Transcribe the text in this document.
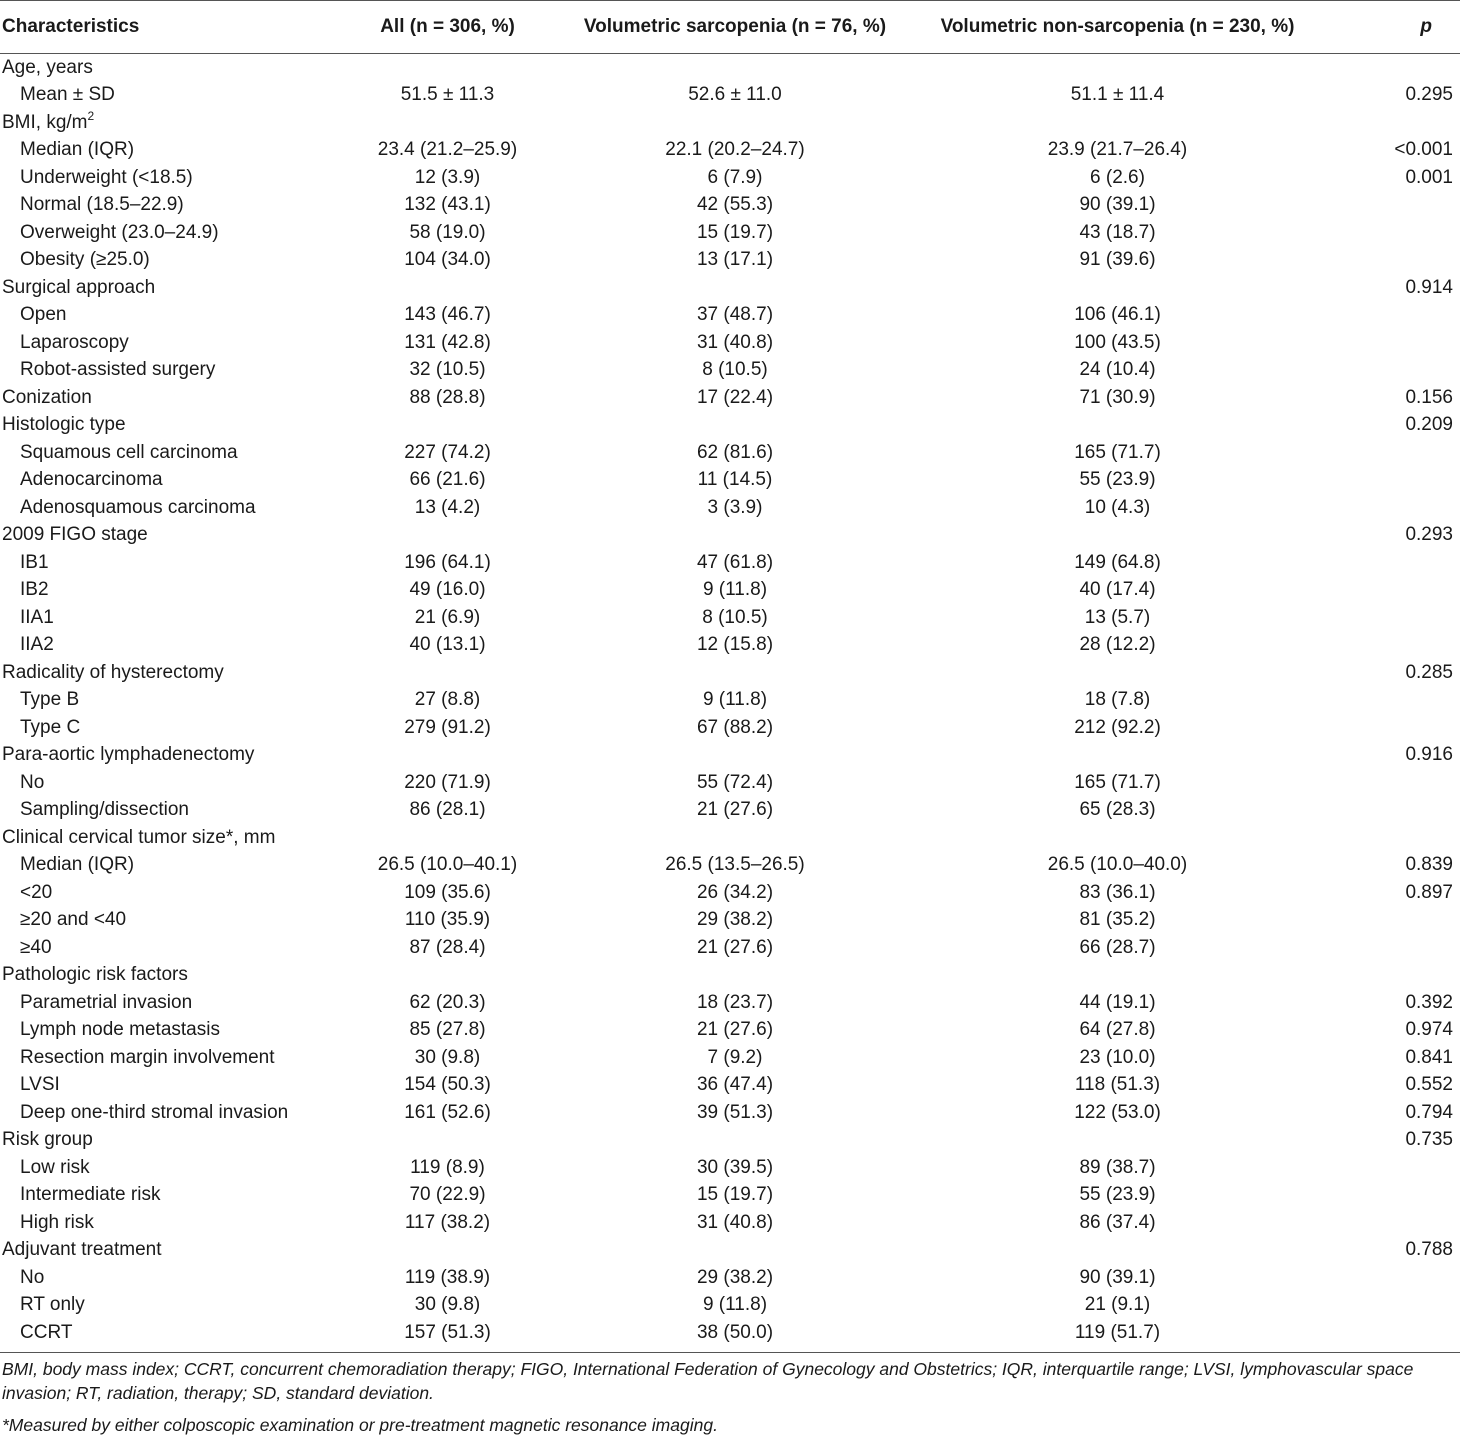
Characteristics	All (n = 306, %)	Volumetric sarcopenia (n = 76, %)	Volumetric non-sarcopenia (n = 230, %)	p
Age, years				
Mean ± SD	51.5 ± 11.3	52.6 ± 11.0	51.1 ± 11.4	0.295
BMI, $kg/m^2$				
Median (IQR)	23.4 (21.2–25.9)	22.1 (20.2–24.7)	23.9 (21.7–26.4)	<0.001
Underweight (<18.5)	12 (3.9)	6 (7.9)	6 (2.6)	0.001
Normal (18.5–22.9)	132 (43.1)	42 (55.3)	90 (39.1)	
Overweight (23.0–24.9)	58 (19.0)	15 (19.7)	43 (18.7)	
Obesity (≥25.0)	104 (34.0)	13 (17.1)	91 (39.6)	
Surgical approach				0.914
Open	143 (46.7)	37 (48.7)	106 (46.1)	
Laparoscopy	131 (42.8)	31 (40.8)	100 (43.5)	
Robot-assisted surgery	32 (10.5)	8 (10.5)	24 (10.4)	
Conization	88 (28.8)	17 (22.4)	71 (30.9)	0.156
Histologic type				0.209
Squamous cell carcinoma	227 (74.2)	62 (81.6)	165 (71.7)	
Adenocarcinoma	66 (21.6)	11 (14.5)	55 (23.9)	
Adenosquamous carcinoma	13 (4.2)	3 (3.9)	10 (4.3)	
2009 FIGO stage				0.293
IB1	196 (64.1)	47 (61.8)	149 (64.8)	
IB2	49 (16.0)	9 (11.8)	40 (17.4)	
IIA1	21 (6.9)	8 (10.5)	13 (5.7)	
IIA2	40 (13.1)	12 (15.8)	28 (12.2)	
Radicality of hysterectomy				0.285
Type B	27 (8.8)	9 (11.8)	18 (7.8)	
Type C	279 (91.2)	67 (88.2)	212 (92.2)	
Para-aortic lymphadenectomy				0.916
No	220 (71.9)	55 (72.4)	165 (71.7)	
Sampling/dissection	86 (28.1)	21 (27.6)	65 (28.3)	
Clinical cervical tumor size*, mm				
Median (IQR)	26.5 (10.0–40.1)	26.5 (13.5–26.5)	26.5 (10.0–40.0)	0.839
<20	109 (35.6)	26 (34.2)	83 (36.1)	0.897
≥20 and <40	110 (35.9)	29 (38.2)	81 (35.2)	
≥40	87 (28.4)	21 (27.6)	66 (28.7)	
Pathologic risk factors				
Parametrial invasion	62 (20.3)	18 (23.7)	44 (19.1)	0.392
Lymph node metastasis	85 (27.8)	21 (27.6)	64 (27.8)	0.974
Resection margin involvement	30 (9.8)	7 (9.2)	23 (10.0)	0.841
LVSI	154 (50.3)	36 (47.4)	118 (51.3)	0.552
Deep one-third stromal invasion	161 (52.6)	39 (51.3)	122 (53.0)	0.794
Risk group				0.735
Low risk	119 (8.9)	30 (39.5)	89 (38.7)	
Intermediate risk	70 (22.9)	15 (19.7)	55 (23.9)	
High risk	117 (38.2)	31 (40.8)	86 (37.4)	
Adjuvant treatment				0.788
No	119 (38.9)	29 (38.2)	90 (39.1)	
RT only	30 (9.8)	9 (11.8)	21 (9.1)	
CCRT	157 (51.3)	38 (50.0)	119 (51.7)	

BMI, body mass index; CCRT, concurrent chemoradiation therapy; FIGO, International Federation of Gynecology and Obstetrics; IQR, interquartile range; LVSI, lymphovascular space invasion; RT, radiation, therapy; SD, standard deviation.

*Measured by either colposcopic examination or pre-treatment magnetic resonance imaging.
